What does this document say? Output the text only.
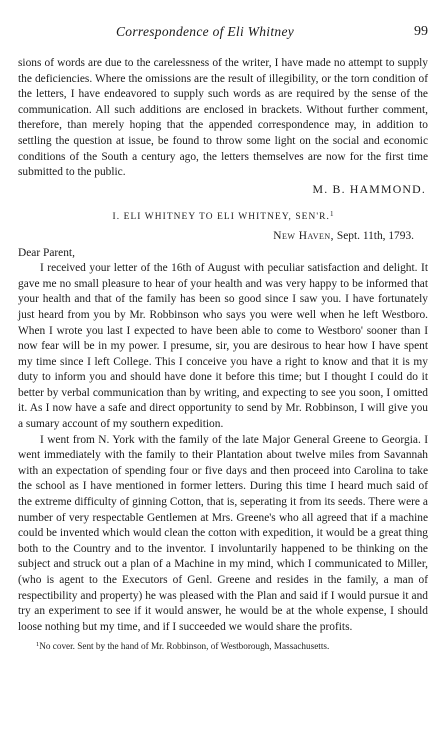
Correspondence of Eli Whitney	99

sions of words are due to the carelessness of the writer, I have made no attempt to supply the deficiencies. Where the omissions are the result of illegibility, or the torn condition of the letters, I have endeavored to supply such words as are required by the sense of the communication. All such additions are enclosed in brackets. Without further comment, therefore, than merely hoping that the appended correspondence may, in addition to settling the question at issue, be found to throw some light on the social and economic conditions of the South a century ago, the letters themselves are now for the first time submitted to the public.

M. B. HAMMOND.

I. ELI WHITNEY TO ELI WHITNEY, SEN'R.$^1$

New Haven, Sept. 11th, 1793.

Dear Parent,

I received your letter of the 16th of August with peculiar satisfaction and delight. It gave me no small pleasure to hear of your health and was very happy to be informed that your health and that of the family has been so good since I saw you. I have fortunately just heard from you by Mr. Robbinson who says you were well when he left Westboro. When I wrote you last I expected to have been able to come to Westboro' sooner than I now fear will be in my power. I presume, sir, you are desirous to hear how I have spent my time since I left College. This I conceive you have a right to know and that it is my duty to inform you and should have done it before this time; but I thought I could do it better by verbal communication than by writing, and expecting to see you soon, I omitted it. As I now have a safe and direct opportunity to send by Mr. Robbinson, I will give you a sumary account of my southern expedition.

I went from N. York with the family of the late Major General Greene to Georgia. I went immediately with the family to their Plantation about twelve miles from Savannah with an expectation of spending four or five days and then proceed into Carolina to take the school as I have mentioned in former letters. During this time I heard much said of the extreme difficulty of ginning Cotton, that is, seperating it from its seeds. There were a number of very respectable Gentlemen at Mrs. Greene's who all agreed that if a machine could be invented which would clean the cotton with expedition, it would be a great thing both to the Country and to the inventor. I involuntarily happened to be thinking on the subject and struck out a plan of a Machine in my mind, which I communicated to Miller, (who is agent to the Executors of Genl. Greene and resides in the family, a man of respectibility and property) he was pleased with the Plan and said if I would pursue it and try an experiment to see if it would answer, he would be at the whole expense, I should loose nothing but my time, and if I succeeded we would share the profits.

$^1$No cover. Sent by the hand of Mr. Robbinson, of Westborough, Massachusetts.
